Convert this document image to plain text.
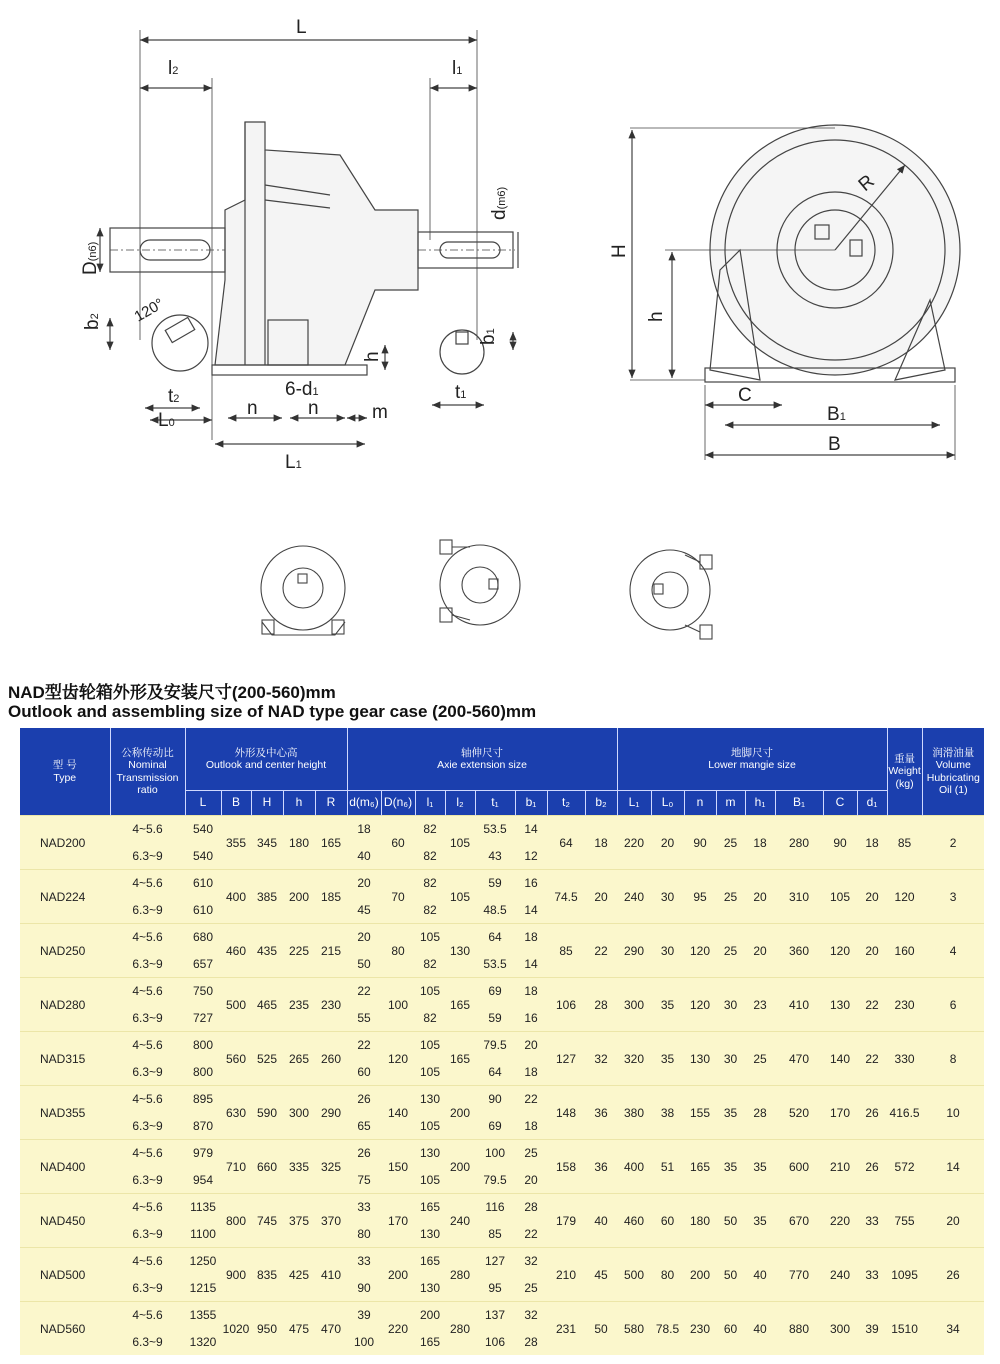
L
l2	l1
D(n6)
d(m6)
b2 120°
t2
L0
6-d1
n	n	m
h
b1
t1
L1
H
h
R
C
B1
B
NAD型齿轮箱外形及安装尺寸(200-560)mm
Outlook and assembling size of NAD type gear case (200-560)mm
型 号
Type	公称传动比
Nominal Transmission ratio	外形及中心高
Outlook and center height					轴伸尺寸
Axie extension size								地脚尺寸
Lower mangie size								重量
Weight (kg)	润滑油量
Volume Hubricating Oil (1)

		L	B	H	h	R	d(m₆)	D(n₆)	l₁	l₂	t₁	b₁	t₂	b₂	L₁	L₀	n	m	h₁	B₁	C	d₁		
NAD200	4~5.6	540	355	345	180	165	18	60	82	105	53.5	14	64	18	220	20	90	25	18	280	90	18	85	2
	6.3~9	540					40		82		43	12												
NAD224	4~5.6	610	400	385	200	185	20	70	82	105	59	16	74.5	20	240	30	95	25	20	310	105	20	120	3
	6.3~9	610					45		82		48.5	14												
NAD250	4~5.6	680	460	435	225	215	20	80	105	130	64	18	85	22	290	30	120	25	20	360	120	20	160	4
	6.3~9	657					50		82		53.5	14												
NAD280	4~5.6	750	500	465	235	230	22	100	105	165	69	18	106	28	300	35	120	30	23	410	130	22	230	6
	6.3~9	727					55		82		59	16												
NAD315	4~5.6	800	560	525	265	260	22	120	105	165	79.5	20	127	32	320	35	130	30	25	470	140	22	330	8
	6.3~9	800					60		105		64	18												
NAD355	4~5.6	895	630	590	300	290	26	140	130	200	90	22	148	36	380	38	155	35	28	520	170	26	416.5	10
	6.3~9	870					65		105		69	18												
NAD400	4~5.6	979	710	660	335	325	26	150	130	200	100	25	158	36	400	51	165	35	35	600	210	26	572	14
	6.3~9	954					75		105		79.5	20												
NAD450	4~5.6	1135	800	745	375	370	33	170	165	240	116	28	179	40	460	60	180	50	35	670	220	33	755	20
	6.3~9	1100					80		130		85	22												
NAD500	4~5.6	1250	900	835	425	410	33	200	165	280	127	32	210	45	500	80	200	50	40	770	240	33	1095	26
	6.3~9	1215					90		130		95	25												
NAD560	4~5.6	1355	1020	950	475	470	39	220	200	280	137	32	231	50	580	78.5	230	60	40	880	300	39	1510	34
	6.3~9	1320					100		165		106	28												
